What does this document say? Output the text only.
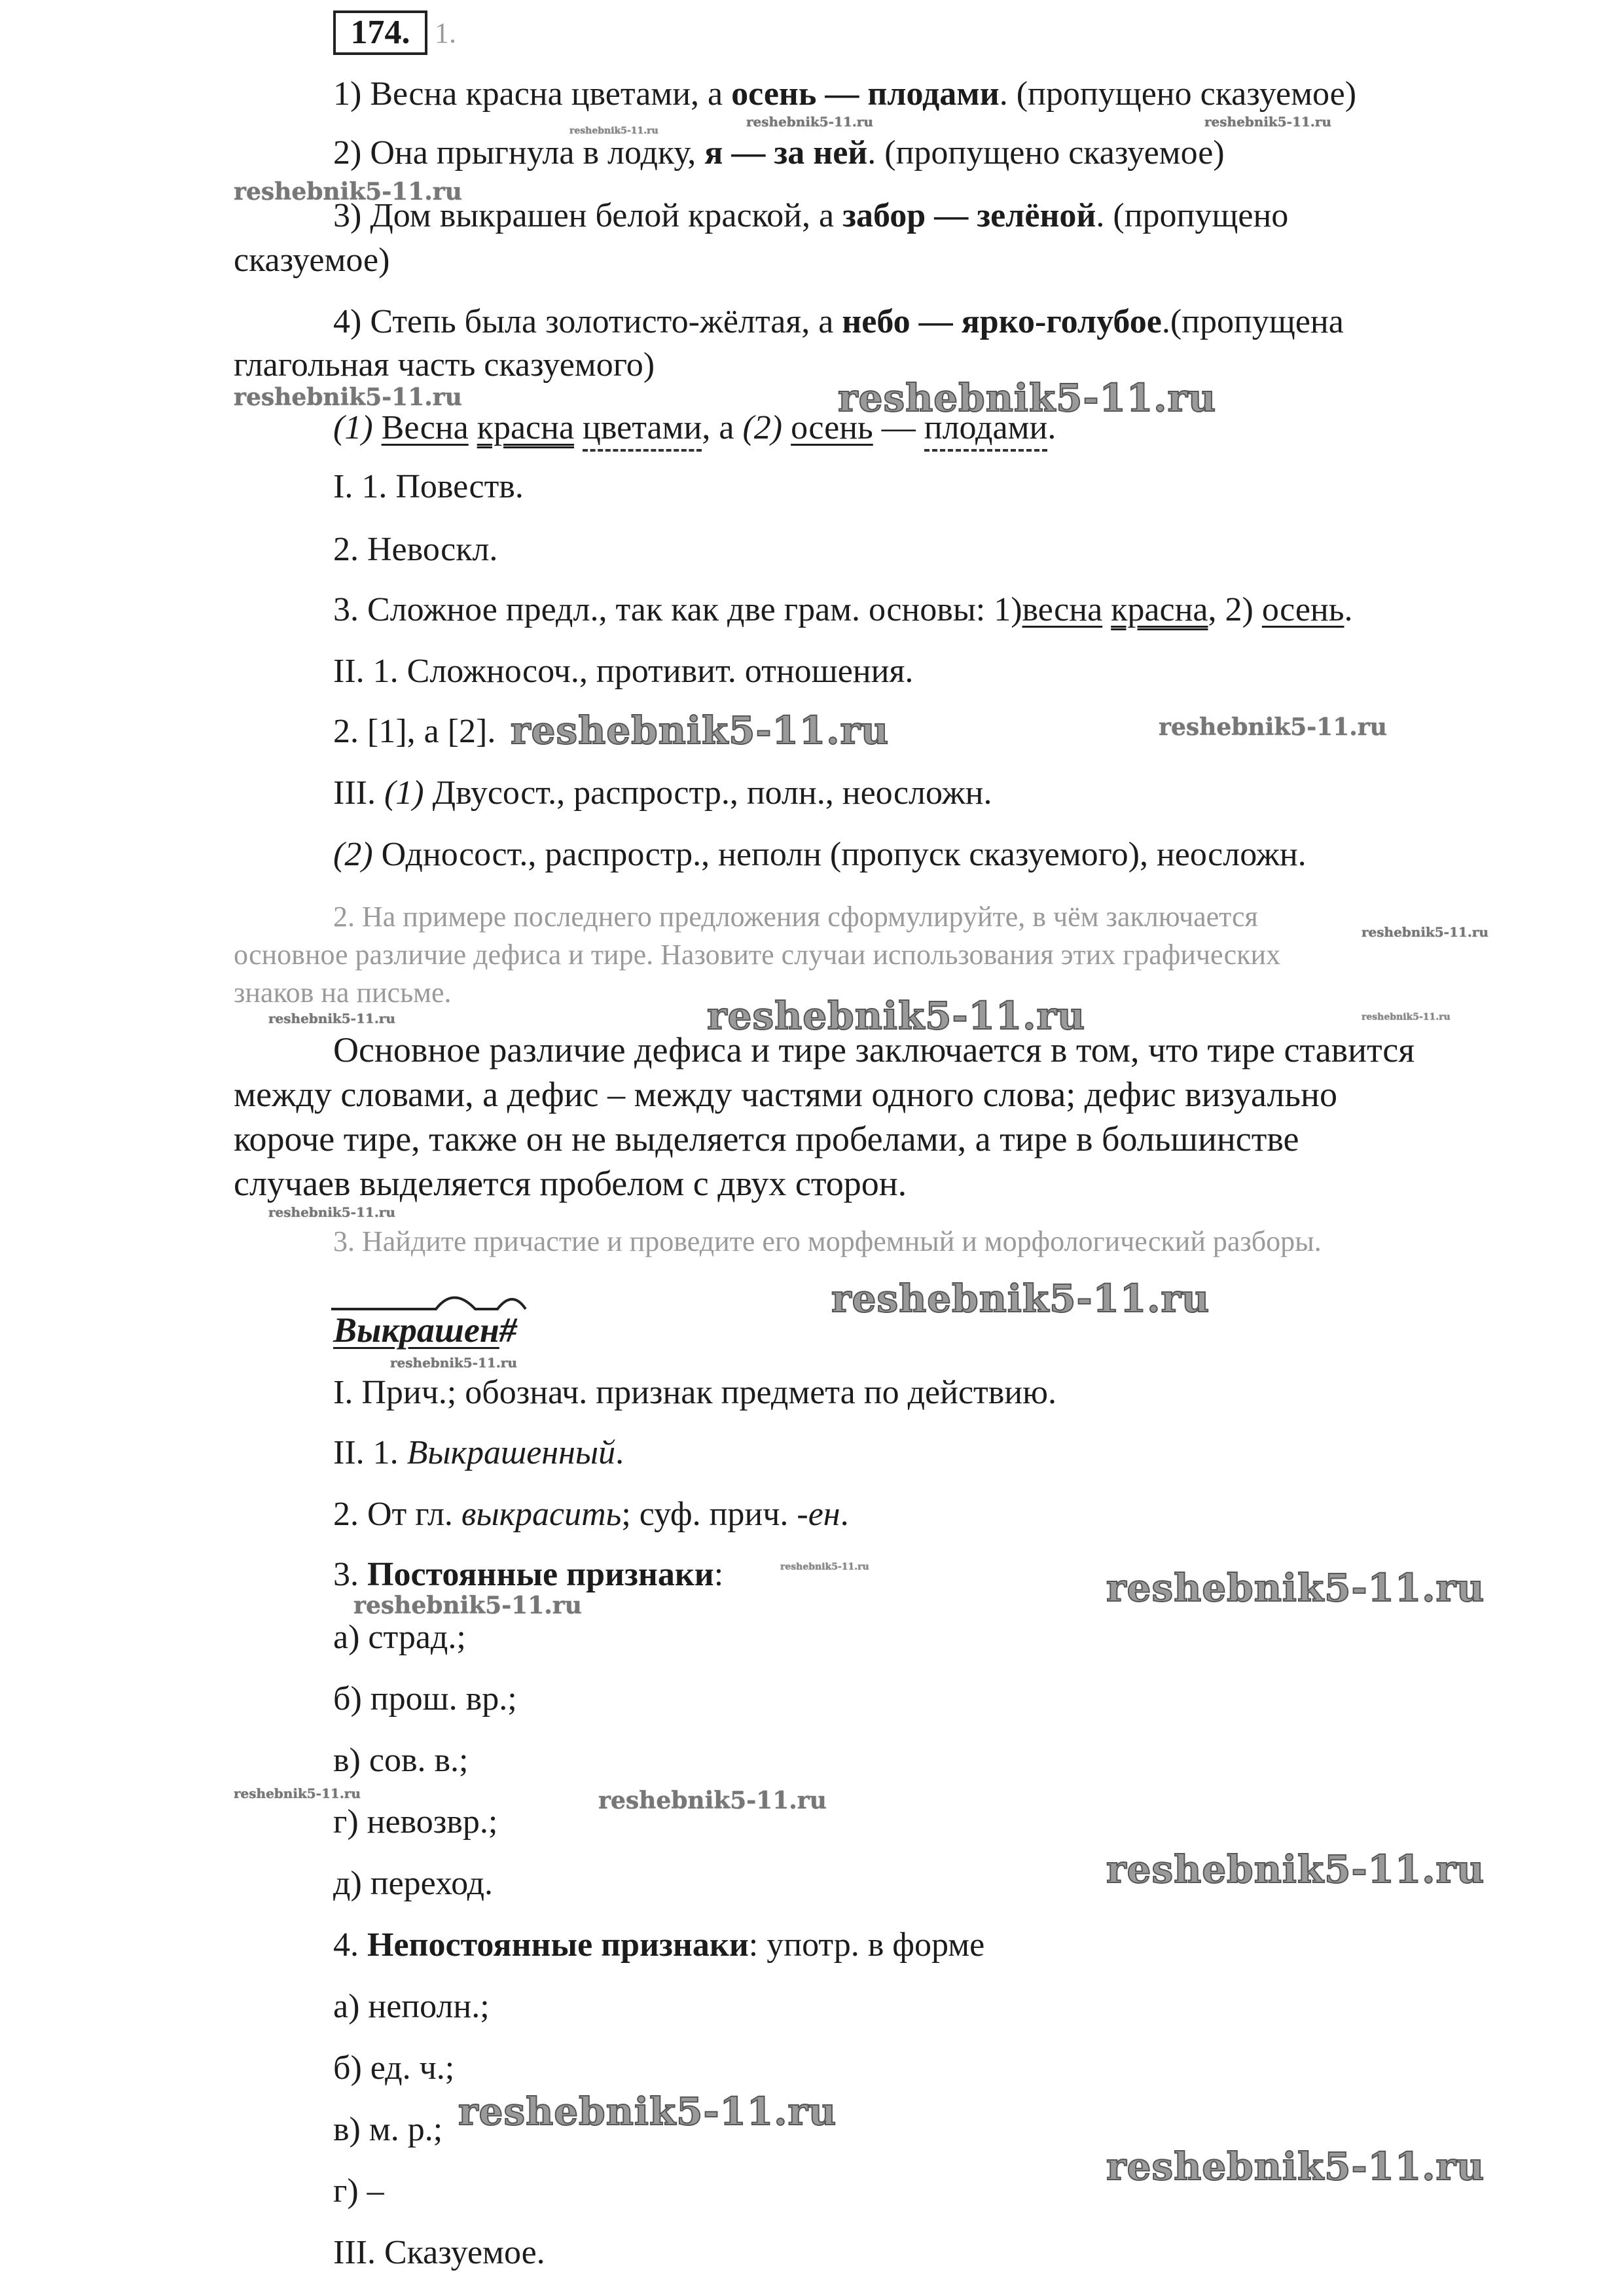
174. 1.
1) Весна красна цветами, а осень — плодами. (пропущено сказуемое)
2) Она прыгнула в лодку, я — за ней. (пропущено сказуемое)
3) Дом выкрашен белой краской, а забор — зелёной. (пропущено
сказуемое)
4) Степь была золотисто-жёлтая, а небо — ярко-голубое.(пропущена
глагольная часть сказуемого)
(1) Весна красна цветами, а (2) осень — плодами.
I. 1. Повеств.
2. Невоскл.
3. Сложное предл., так как две грам. основы: 1)весна красна, 2) осень.
II. 1. Сложносоч., противит. отношения.
2. [1], а [2].
III. (1) Двусост., распростр., полн., неосложн.
(2) Односост., распростр., неполн (пропуск сказуемого), неосложн.
2. На примере последнего предложения сформулируйте, в чём заключается
основное различие дефиса и тире. Назовите случаи использования этих графических
знаков на письме.
Основное различие дефиса и тире заключается в том, что тире ставится
между словами, а дефис – между частями одного слова; дефис визуально
короче тире, также он не выделяется пробелами, а тире в большинстве
случаев выделяется пробелом с двух сторон.
3. Найдите причастие и проведите его морфемный и морфологический разборы.
Выкрашен#
I. Прич.; обознач. признак предмета по действию.
II. 1. Выкрашенный.
2. От гл. выкрасить; суф. прич. -ен.
3. Постоянные признаки:
а) страд.;
б) прош. вр.;
в) сов. в.;
г) невозвр.;
д) переход.
4. Непостоянные признаки: употр. в форме
а) неполн.;
б) ед. ч.;
в) м. р.;
г) –
III. Сказуемое.
reshebnik5-11.ru
reshebnik5-11.ru
reshebnik5-11.ru
reshebnik5-11.ru
reshebnik5-11.ru	reshebnik5-11.ru
reshebnik5-11.ru	reshebnik5-11.ru
reshebnik5-11.ru
reshebnik5-11.ru	reshebnik5-11.ru	reshebnik5-11.ru
reshebnik5-11.ru
reshebnik5-11.ru
reshebnik5-11.ru
reshebnik5-11.ru
reshebnik5-11.ru	reshebnik5-11.ru
reshebnik5-11.ru	reshebnik5-11.ru
reshebnik5-11.ru
reshebnik5-11.ru
reshebnik5-11.ru
